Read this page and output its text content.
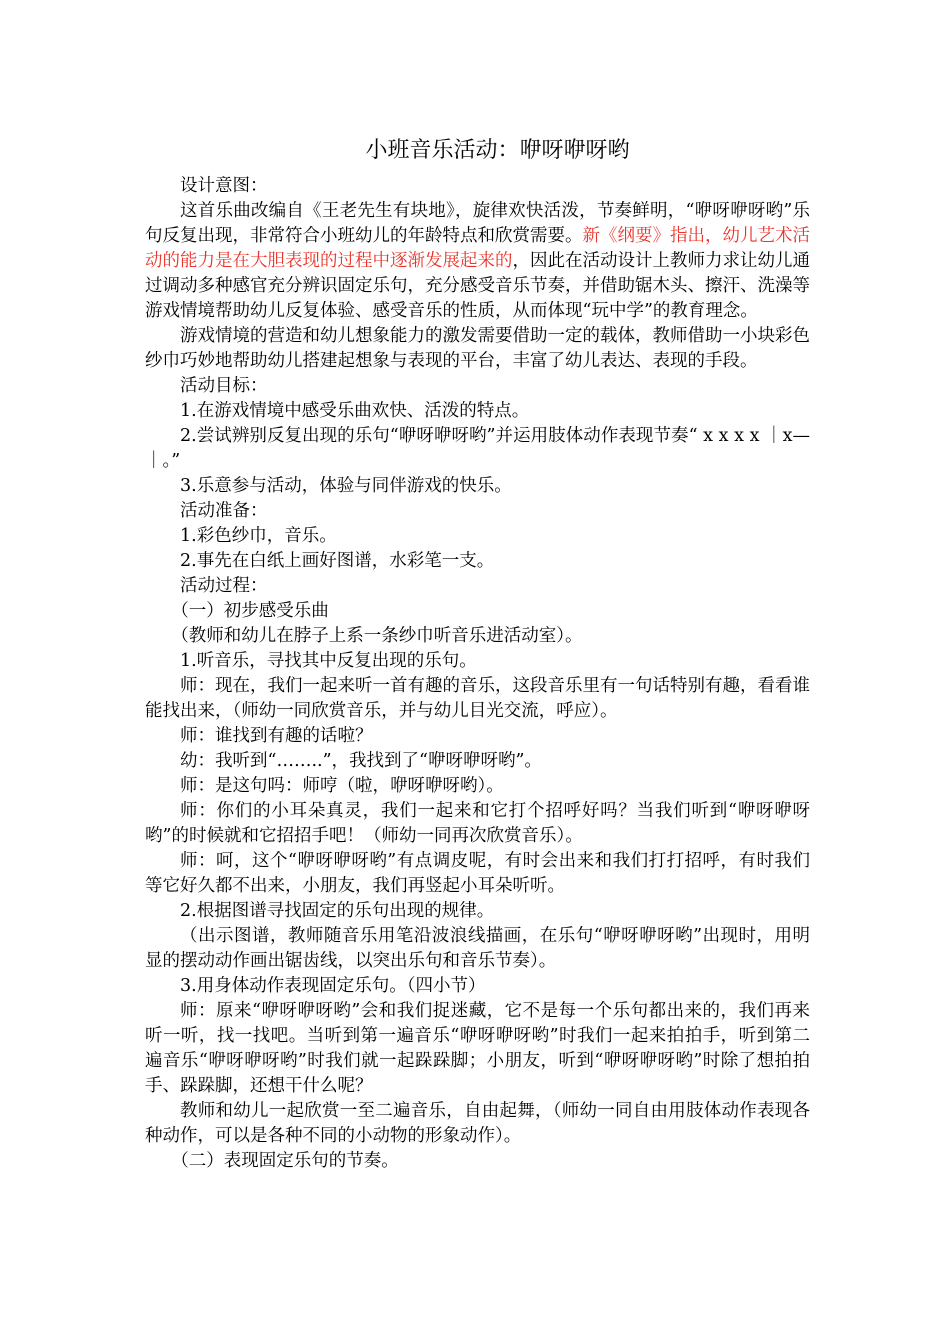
小班音乐活动：咿呀咿呀哟

设计意图：

这首乐曲改编自《王老先生有块地》，旋律欢快活泼，节奏鲜明，“咿呀咿呀哟”乐句反复出现，非常符合小班幼儿的年龄特点和欣赏需要。新《纲要》指出，幼儿艺术活动的能力是在大胆表现的过程中逐渐发展起来的，因此在活动设计上教师力求让幼儿通过调动多种感官充分辨识固定乐句，充分感受音乐节奏，并借助锯木头、擦汗、洗澡等游戏情境帮助幼儿反复体验、感受音乐的性质，从而体现“玩中学”的教育理念。

游戏情境的营造和幼儿想象能力的激发需要借助一定的载体，教师借助一小块彩色纱巾巧妙地帮助幼儿搭建起想象与表现的平台，丰富了幼儿表达、表现的手段。

活动目标：

1.在游戏情境中感受乐曲欢快、活泼的特点。

2.尝试辨别反复出现的乐句“咿呀咿呀哟”并运用肢体动作表现节奏“ x x x x ｜x—｜。”

3.乐意参与活动，体验与同伴游戏的快乐。

活动准备：

1.彩色纱巾，音乐。

2.事先在白纸上画好图谱，水彩笔一支。

活动过程：

（一）初步感受乐曲

（教师和幼儿在脖子上系一条纱巾听音乐进活动室）。

1.听音乐，寻找其中反复出现的乐句。

师：现在，我们一起来听一首有趣的音乐，这段音乐里有一句话特别有趣，看看谁能找出来，（师幼一同欣赏音乐，并与幼儿目光交流，呼应）。

师：谁找到有趣的话啦？

幼：我听到“……..”，我找到了“咿呀咿呀哟”。

师：是这句吗：师哼（啦，咿呀咿呀哟）。

师：你们的小耳朵真灵，我们一起来和它打个招呼好吗？当我们听到“咿呀咿呀哟”的时候就和它招招手吧！（师幼一同再次欣赏音乐）。

师：呵，这个“咿呀咿呀哟”有点调皮呢，有时会出来和我们打打招呼，有时我们等它好久都不出来，小朋友，我们再竖起小耳朵听听。

2.根据图谱寻找固定的乐句出现的规律。

（出示图谱，教师随音乐用笔沿波浪线描画，在乐句“咿呀咿呀哟”出现时，用明显的摆动动作画出锯齿线，以突出乐句和音乐节奏）。

3.用身体动作表现固定乐句。（四小节）

师：原来“咿呀咿呀哟”会和我们捉迷藏，它不是每一个乐句都出来的，我们再来听一听，找一找吧。当听到第一遍音乐“咿呀咿呀哟”时我们一起来拍拍手，听到第二遍音乐“咿呀咿呀哟”时我们就一起跺跺脚；小朋友，听到“咿呀咿呀哟”时除了想拍拍手、跺跺脚，还想干什么呢？

教师和幼儿一起欣赏一至二遍音乐，自由起舞，（师幼一同自由用肢体动作表现各种动作，可以是各种不同的小动物的形象动作）。

（二）表现固定乐句的节奏。
